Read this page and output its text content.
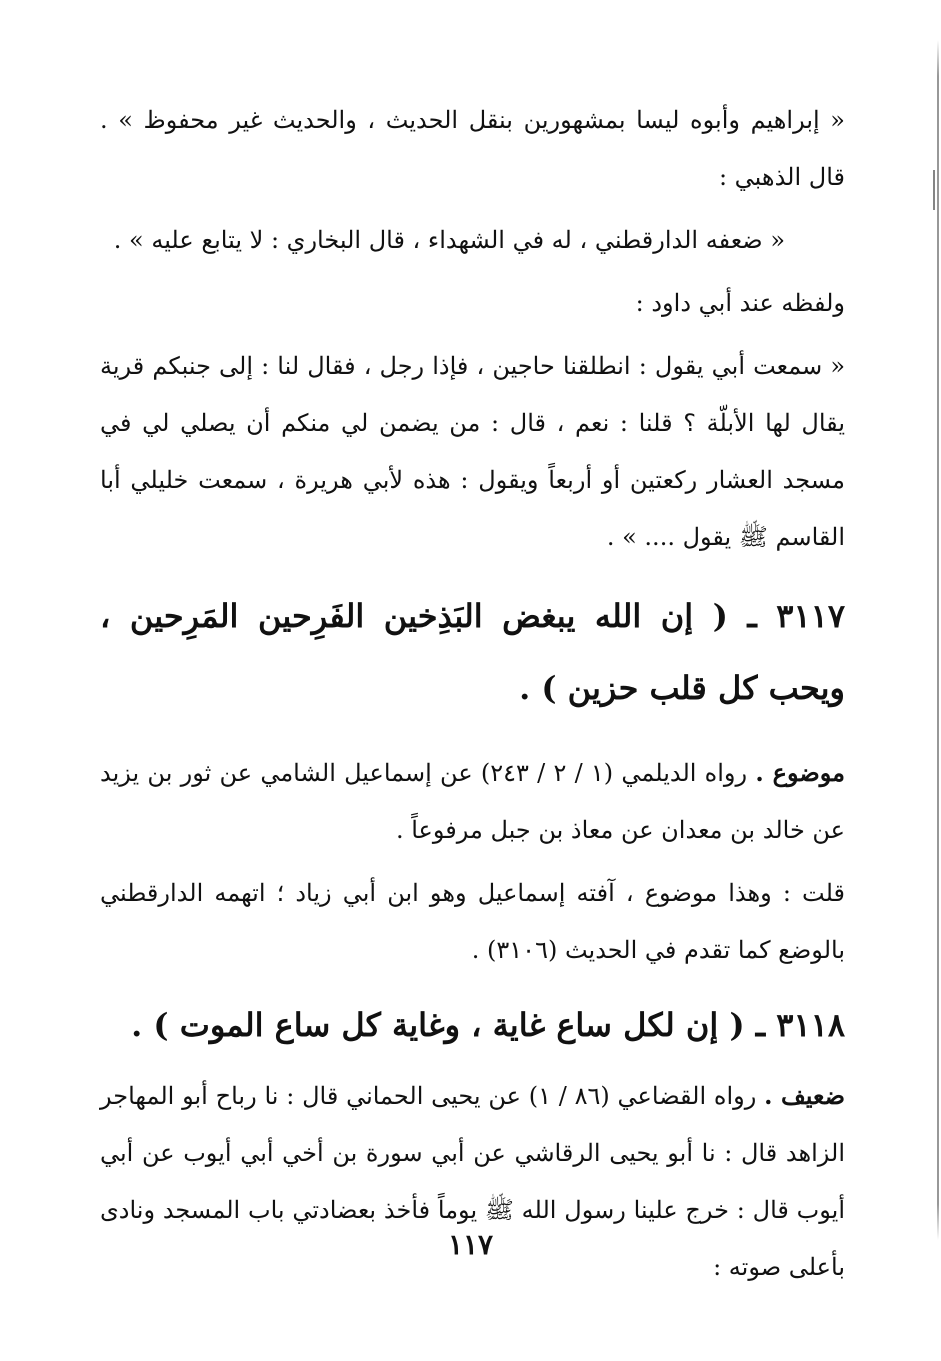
« إبراهيم وأبوه ليسا بمشهورين بنقل الحديث ، والحديث غير محفوظ » . قال الذهبي :

« ضعفه الدارقطني ، له في الشهداء ، قال البخاري : لا يتابع عليه » .

ولفظه عند أبي داود :

« سمعت أبي يقول : انطلقنا حاجين ، فإذا رجل ، فقال لنا : إلى جنبكم قرية يقال لها الأبلّة ؟ قلنا : نعم ، قال : من يضمن لي منكم أن يصلي لي في مسجد العشار ركعتين أو أربعاً ويقول : هذه لأبي هريرة ، سمعت خليلي أبا القاسم ﷺ يقول .... » .

٣١١٧ ـ ( إن الله يبغض البَذِخين الفَرِحين المَرِحين ، ويحب كل قلب حزين ) .

موضوع . رواه الديلمي (١ / ٢ / ٢٤٣) عن إسماعيل الشامي عن ثور بن يزيد عن خالد بن معدان عن معاذ بن جبل مرفوعاً .

قلت : وهذا موضوع ، آفته إسماعيل وهو ابن أبي زياد ؛ اتهمه الدارقطني بالوضع كما تقدم في الحديث (٣١٠٦) .

٣١١٨ ـ ( إن لكل ساع غاية ، وغاية كل ساع الموت ) .

ضعيف . رواه القضاعي (٨٦ / ١) عن يحيى الحماني قال : نا رباح أبو المهاجر الزاهد قال : نا أبو يحيى الرقاشي عن أبي سورة بن أخي أبي أيوب عن أبي أيوب قال : خرج علينا رسول الله ﷺ يوماً فأخذ بعضادتي باب المسجد ونادى بأعلى صوته :

١١٧
